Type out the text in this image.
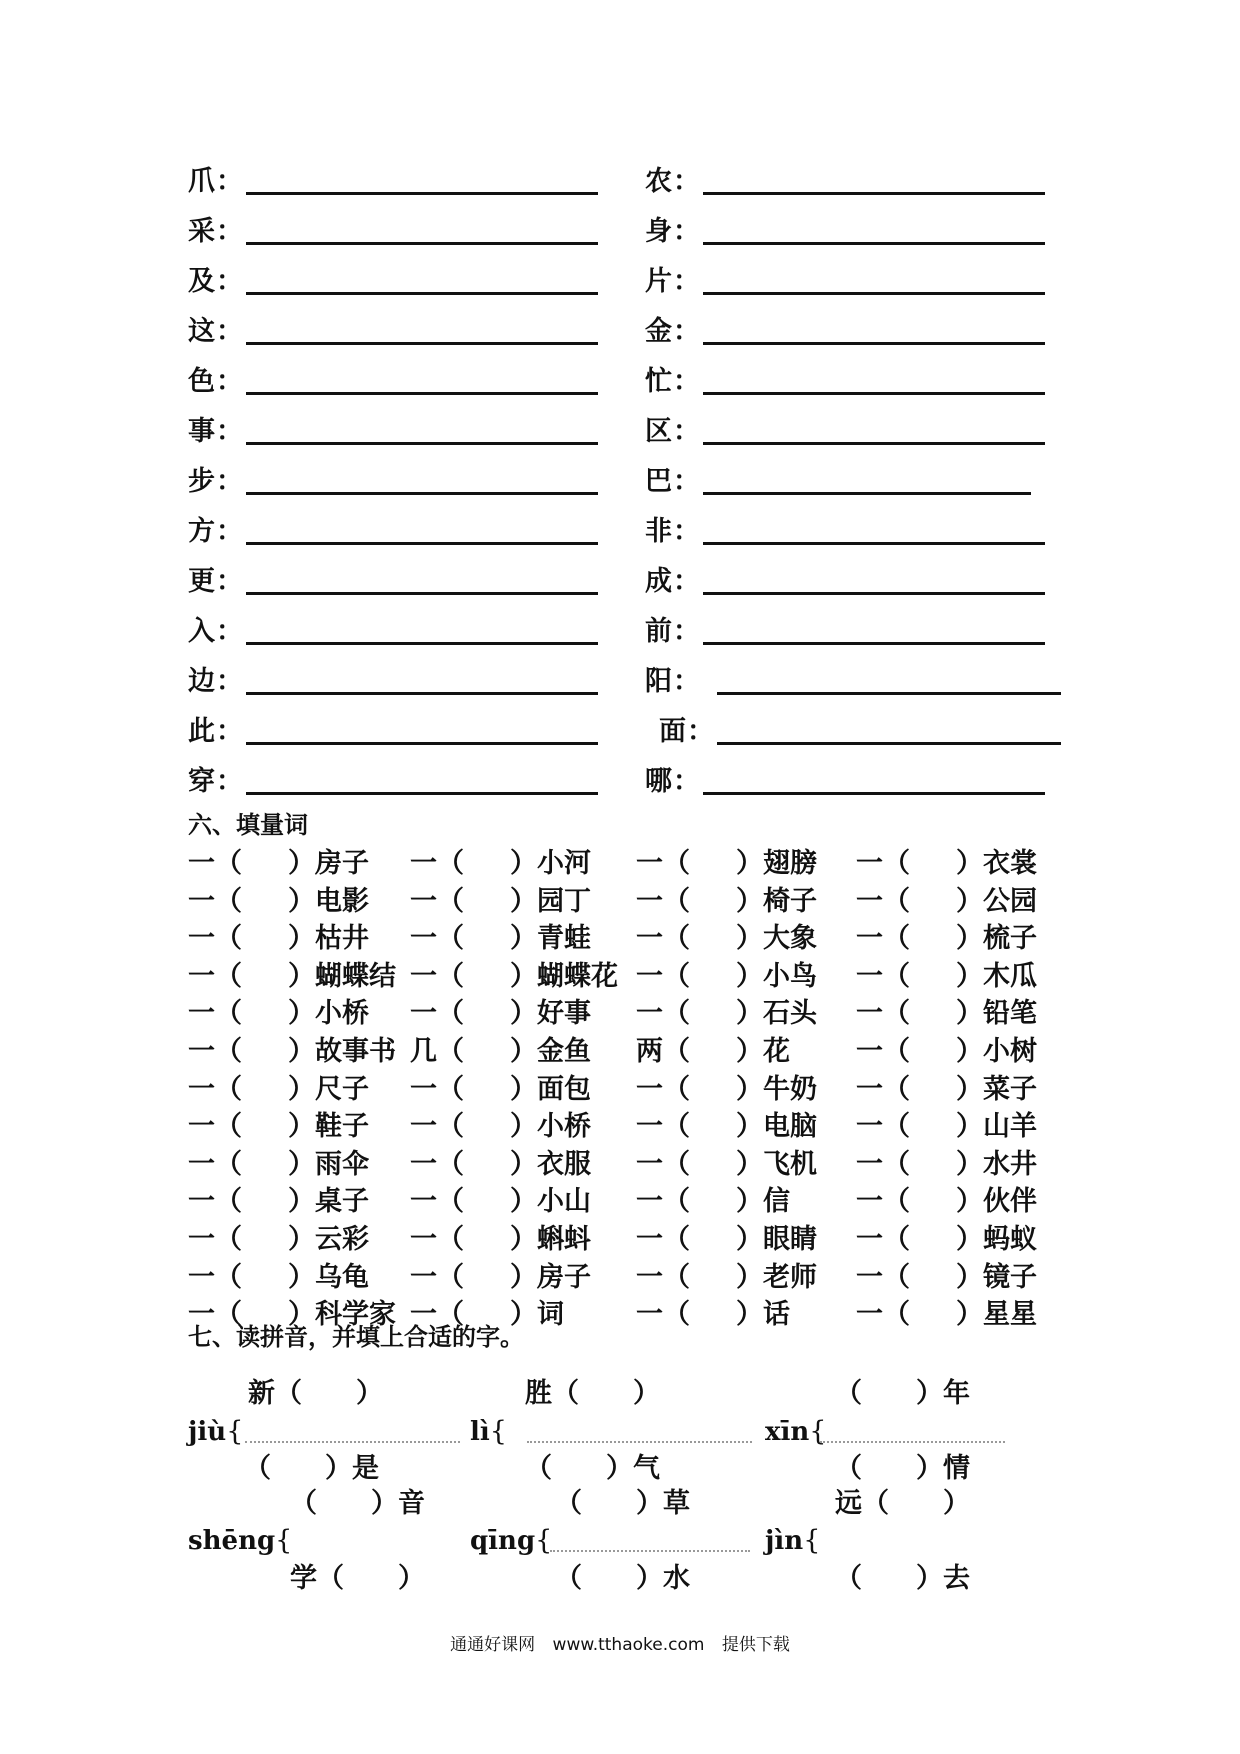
爪 ：	农 ：
采 ：	身 ：
及 ：	片 ：
这 ：	金 ：
色 ：	忙 ：
事 ：	区 ：
步 ：	巴 ：
方 ：	非 ：
更 ：	成 ：
入 ：	前 ：
边 ：	阳 ：
此 ：	面 ：
穿 ：	哪 ：
六、填量词
一（ ）房子 一（ ）小河 一（ ）翅膀 一（ ）衣裳
一（ ）电影 一（ ）园丁 一（ ）椅子 一（ ）公园
一（ ）枯井 一（ ）青蛙 一（ ）大象 一（ ）梳子
一（ ）蝴蝶结 一（ ）蝴蝶花 一（ ）小鸟 一（ ）木瓜
一（ ）小桥 一（ ）好事 一（ ）石头 一（ ）铅笔
一（ ）故事书 几（ ）金鱼 两（ ）花 一（ ）小树
一（ ）尺子 一（ ）面包 一（ ）牛奶 一（ ）菜子
一（ ）鞋子 一（ ）小桥 一（ ）电脑 一（ ）山羊
一（ ）雨伞 一（ ）衣服 一（ ）飞机 一（ ）水井
一（ ）桌子 一（ ）小山 一（ ）信 一（ ）伙伴
一（ ）云彩 一（ ）蝌蚪 一（ ）眼睛 一（ ）蚂蚁
一（ ）乌龟 一（ ）房子 一（ ）老师 一（ ）镜子
一（ ）科学家 一（ ）词	一（ ）话 一（ ）星星
七、读拼音，并填上合适的字。
新（　　）
jiù{
（　　）是
胜（　　）
lì{
（　　）气
（　　）年
xīn{
（　　）情
（　　）音
shēng{
学（　　）
（　　）草
qīng{
（　　）水
远（　　）
jìn{
（　　）去
通通好课网 www.tthaoke.com 提供下载
